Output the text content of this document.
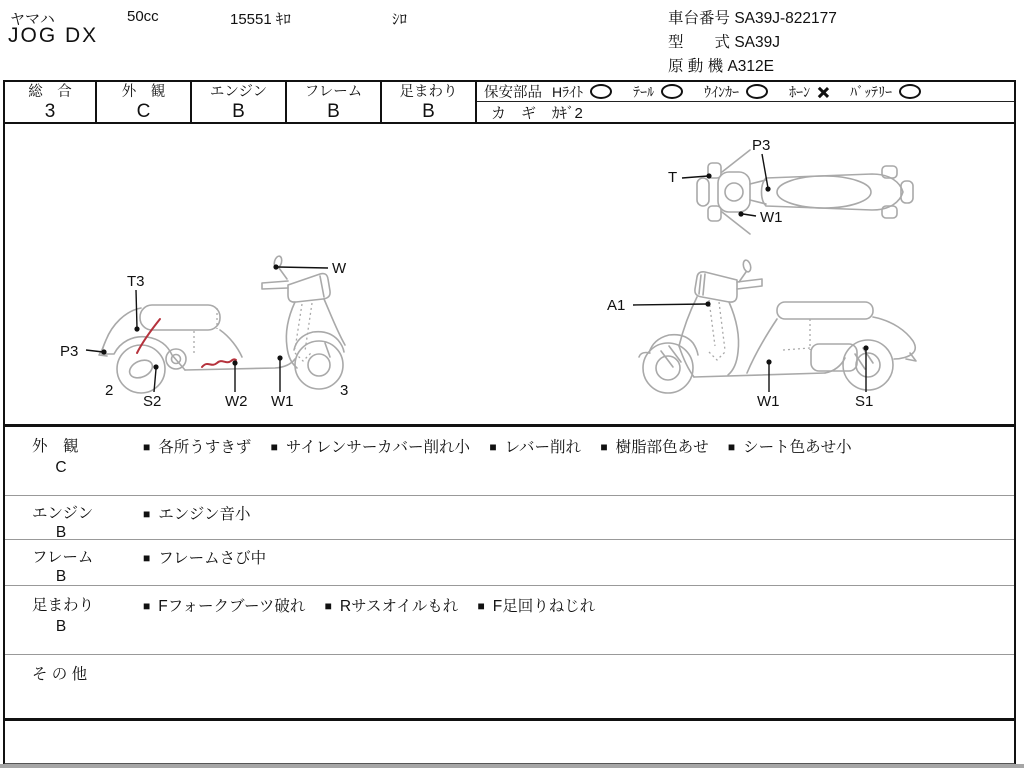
ヤマハ	50cc	15551 ｷﾛ	ｼﾛ
JOG DX
車台番号 SA39J-822177
型　　式 SA39J
原 動 機 A312E
総　合
3
外　観
C
エンジン
B
フレーム
B
足まわり
B
保安部品 Hﾗｲﾄ	ﾃｰﾙ	ｳｲﾝｶｰ	ﾎｰﾝ	ﾊﾞｯﾃﾘｰ
カ　ギ ｶｷﾞ2
P3
T
W1
W
T3
P3
2
S2	W2 W1
3
A1
W1	S1
外　観
C
■ 各所うすきず ■ サイレンサーカバー削れ小 ■ レバー削れ ■ 樹脂部色あせ ■ シート色あせ小
エンジン
B
■ エンジン音小
フレーム
B
■ フレームさび中
足まわり
B
■ Fフォークブーツ破れ ■ Rサスオイルもれ ■ F足回りねじれ
そ の 他
